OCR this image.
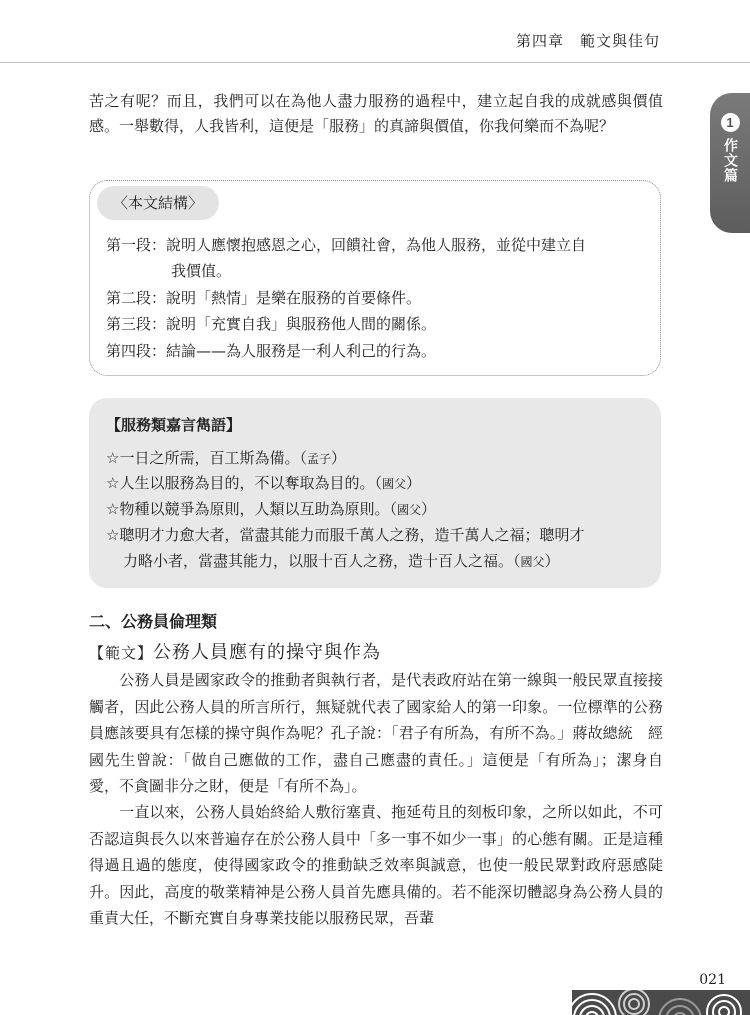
第四章　範文與佳句
1
作文篇

苦之有呢？而且，我們可以在為他人盡力服務的過程中，建立起自我的成就感與價值感。一舉數得，人我皆利，這便是「服務」的真諦與價值，你我何樂而不為呢？

〈本文結構〉
第一段：說明人應懷抱感恩之心，回饋社會，為他人服務，並從中建立自
我價值。
第二段：說明「熱情」是樂在服務的首要條件。
第三段：說明「充實自我」與服務他人間的關係。
第四段：結論——為人服務是一利人利己的行為。
【服務類嘉言雋語】
☆一日之所需，百工斯為備。（孟子）
☆人生以服務為目的，不以奪取為目的。（國父）
☆物種以競爭為原則，人類以互助為原則。（國父）
☆聰明才力愈大者，當盡其能力而服千萬人之務，造千萬人之福；聰明才
力略小者，當盡其能力，以服十百人之務，造十百人之福。（國父）
二、公務員倫理類
【範文】公務人員應有的操守與作為

　　公務人員是國家政令的推動者與執行者，是代表政府站在第一線與一般民眾直接接觸者，因此公務人員的所言所行，無疑就代表了國家給人的第一印象。一位標準的公務員應該要具有怎樣的操守與作為呢？孔子說：「君子有所為，有所不為。」蔣故總統　經國先生曾說：「做自己應做的工作，盡自己應盡的責任。」這便是「有所為」；潔身自愛，不貪圖非分之財，便是「有所不為」。

　　一直以來，公務人員始終給人敷衍塞責、拖延苟且的刻板印象，之所以如此，不可否認這與長久以來普遍存在於公務人員中「多一事不如少一事」的心態有關。正是這種得過且過的態度，使得國家政令的推動缺乏效率與誠意，也使一般民眾對政府惡感陡升。因此，高度的敬業精神是公務人員首先應具備的。若不能深切體認身為公務人員的重責大任，不斷充實自身專業技能以服務民眾，吾輩

021
